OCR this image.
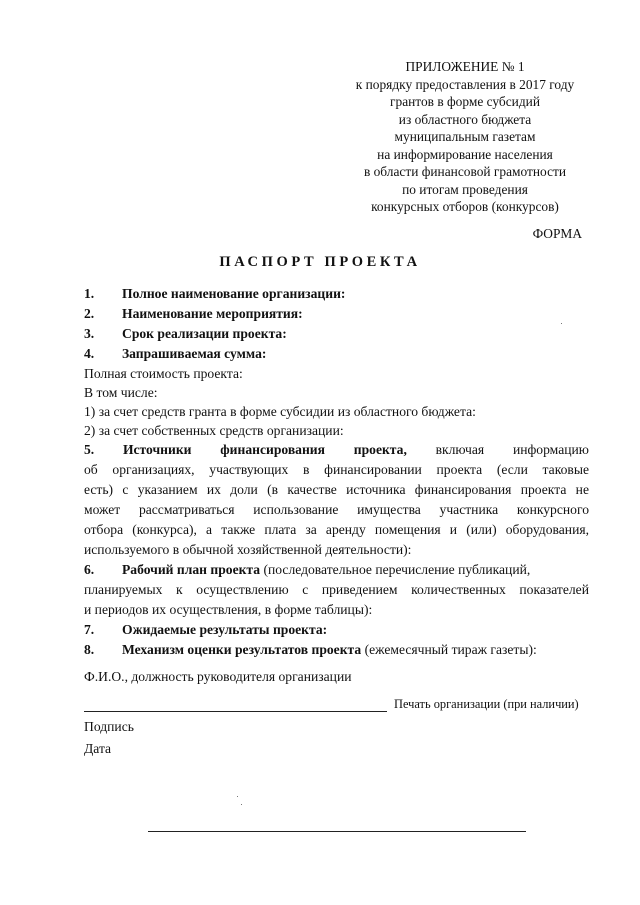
ПРИЛОЖЕНИЕ № 1
к порядку предоставления в 2017 году
грантов в форме субсидий
из областного бюджета
муниципальным газетам
на информирование населения
в области финансовой грамотности
по итогам проведения
конкурсных отборов (конкурсов)
ФОРМА
ПАСПОРТ ПРОЕКТА
1.	Полное наименование организации:
2.	Наименование мероприятия:
3.	Срок реализации проекта:
4.	Запрашиваемая сумма:
Полная стоимость проекта:
В том числе:
1) за счет средств гранта в форме субсидии из областного бюджета:
2) за счет собственных средств организации:
5. Источники финансирования проекта, включая информацию
об организациях, участвующих в финансировании проекта (если таковые
есть) с указанием их доли (в качестве источника финансирования проекта не
может рассматриваться использование имущества участника конкурсного
отбора (конкурса), а также плата за аренду помещения и (или) оборудования,
используемого в обычной хозяйственной деятельности):
6.	Рабочий план проекта (последовательное перечисление публикаций,
планируемых к осуществлению с приведением количественных показателей
и периодов их осуществления, в форме таблицы):
7.	Ожидаемые результаты проекта:
8.	Механизм оценки результатов проекта (ежемесячный тираж газеты):
Ф.И.О., должность руководителя организации
Печать организации (при наличии)
Подпись
Дата
